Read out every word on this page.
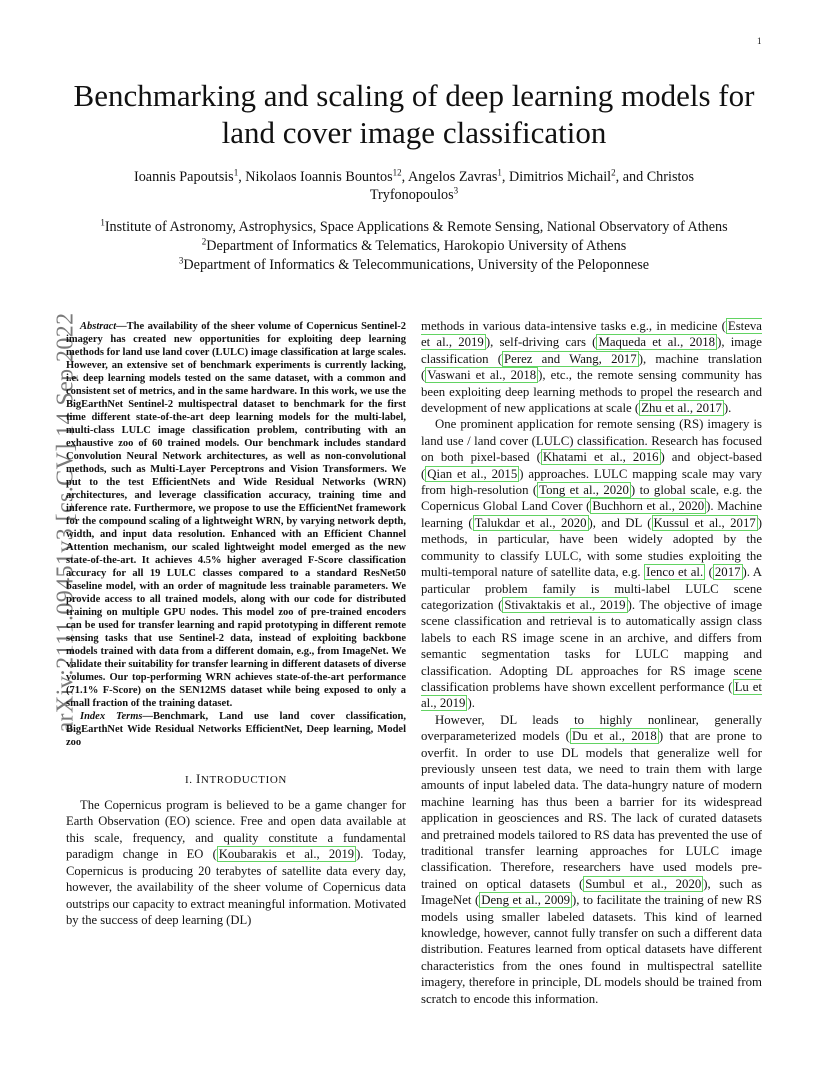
1
arXiv:2111.09451v3 [cs.CV] 14 Sep 2022
Benchmarking and scaling of deep learning models for land cover image classification
Ioannis Papoutsis$^1$, Nikolaos Ioannis Bountos$^{12}$, Angelos Zavras$^1$, Dimitrios Michail$^2$, and Christos Tryfonopoulos$^3$
$^1$Institute of Astronomy, Astrophysics, Space Applications & Remote Sensing, National Observatory of Athens
$^2$Department of Informatics & Telematics, Harokopio University of Athens
$^3$Department of Informatics & Telecommunications, University of the Peloponnese

Abstract—The availability of the sheer volume of Copernicus Sentinel-2 imagery has created new opportunities for exploiting deep learning methods for land use land cover (LULC) image classification at large scales. However, an extensive set of benchmark experiments is currently lacking, i.e. deep learning models tested on the same dataset, with a common and consistent set of metrics, and in the same hardware. In this work, we use the BigEarthNet Sentinel-2 multispectral dataset to benchmark for the first time different state-of-the-art deep learning models for the multi-label, multi-class LULC image classification problem, contributing with an exhaustive zoo of 60 trained models. Our benchmark includes standard Convolution Neural Network architectures, as well as non-convolutional methods, such as Multi-Layer Perceptrons and Vision Transformers. We put to the test EfficientNets and Wide Residual Networks (WRN) architectures, and leverage classification accuracy, training time and inference rate. Furthermore, we propose to use the EfficientNet framework for the compound scaling of a lightweight WRN, by varying network depth, width, and input data resolution. Enhanced with an Efficient Channel Attention mechanism, our scaled lightweight model emerged as the new state-of-the-art. It achieves 4.5% higher averaged F-Score classification accuracy for all 19 LULC classes compared to a standard ResNet50 baseline model, with an order of magnitude less trainable parameters. We provide access to all trained models, along with our code for distributed training on multiple GPU nodes. This model zoo of pre-trained encoders can be used for transfer learning and rapid prototyping in different remote sensing tasks that use Sentinel-2 data, instead of exploiting backbone models trained with data from a different domain, e.g., from ImageNet. We validate their suitability for transfer learning in different datasets of diverse volumes. Our top-performing WRN achieves state-of-the-art performance (71.1% F-Score) on the SEN12MS dataset while being exposed to only a small fraction of the training dataset.

Index Terms—Benchmark, Land use land cover classification, BigEarthNet Wide Residual Networks EfficientNet, Deep learning, Model zoo

I. INTRODUCTION

The Copernicus program is believed to be a game changer for Earth Observation (EO) science. Free and open data available at this scale, frequency, and quality constitute a fundamental paradigm change in EO ( Koubarakis et al., 2019 ). Today, Copernicus is producing 20 terabytes of satellite data every day, however, the availability of the sheer volume of Copernicus data outstrips our capacity to extract meaningful information. Motivated by the success of deep learning (DL)

methods in various data-intensive tasks e.g., in medicine ( Esteva et al., 2019 ), self-driving cars ( Maqueda et al., 2018 ), image classification ( Perez and Wang, 2017 ), machine translation ( Vaswani et al., 2018 ), etc., the remote sensing community has been exploiting deep learning methods to propel the research and development of new applications at scale ( Zhu et al., 2017 ).

One prominent application for remote sensing (RS) imagery is land use / land cover (LULC) classification. Research has focused on both pixel-based ( Khatami et al., 2016 ) and object-based ( Qian et al., 2015 ) approaches. LULC mapping scale may vary from high-resolution ( Tong et al., 2020 ) to global scale, e.g. the Copernicus Global Land Cover ( Buchhorn et al., 2020 ). Machine learning ( Talukdar et al., 2020 ), and DL ( Kussul et al., 2017 ) methods, in particular, have been widely adopted by the community to classify LULC, with some studies exploiting the multi-temporal nature of satellite data, e.g. Ienco et al. ( 2017 ). A particular problem family is multi-label LULC scene categorization ( Stivaktakis et al., 2019 ). The objective of image scene classification and retrieval is to automatically assign class labels to each RS image scene in an archive, and differs from semantic segmentation tasks for LULC mapping and classification. Adopting DL approaches for RS image scene classification problems have shown excellent performance ( Lu et al., 2019 ).

However, DL leads to highly nonlinear, generally overparameterized models ( Du et al., 2018 ) that are prone to overfit. In order to use DL models that generalize well for previously unseen test data, we need to train them with large amounts of input labeled data. The data-hungry nature of modern machine learning has thus been a barrier for its widespread application in geosciences and RS. The lack of curated datasets and pretrained models tailored to RS data has prevented the use of traditional transfer learning approaches for LULC image classification. Therefore, researchers have used models pre-trained on optical datasets ( Sumbul et al., 2020 ), such as ImageNet ( Deng et al., 2009 ), to facilitate the training of new RS models using smaller labeled datasets. This kind of learned knowledge, however, cannot fully transfer on such a different data distribution. Features learned from optical datasets have different characteristics from the ones found in multispectral satellite imagery, therefore in principle, DL models should be trained from scratch to encode this information.
